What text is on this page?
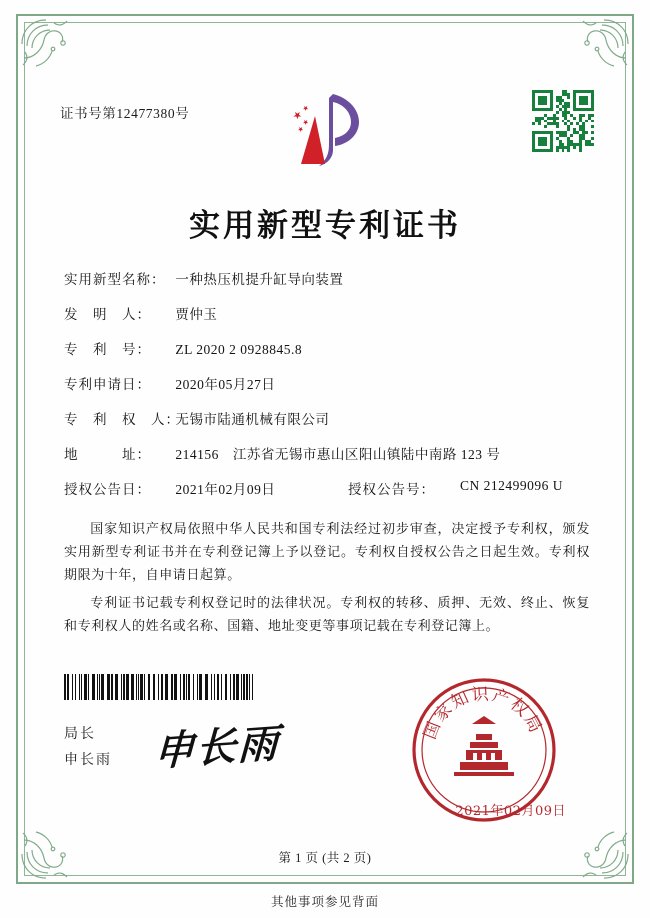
证书号第12477380号
实用新型专利证书
实用新型名称： 一种热压机提升缸导向装置
发　明　人： 贾仲玉
专　利　号： ZL 2020 2 0928845.8
专利申请日： 2020年05月27日
专　利　权　人： 无锡市陆通机械有限公司
地　　　址： 214156　江苏省无锡市惠山区阳山镇陆中南路 123 号
授权公告日： 2021年02月09日	授权公告号： CN 212499096 U
国家知识产权局依照中华人民共和国专利法经过初步审查，决定授予专利权，颁发实用新型专利证书并在专利登记簿上予以登记。专利权自授权公告之日起生效。专利权期限为十年，自申请日起算。
专利证书记载专利权登记时的法律状况。专利权的转移、质押、无效、终止、恢复和专利权人的姓名或名称、国籍、地址变更等事项记载在专利登记簿上。
局长
申长雨 申长雨	国家知识产权局
2021年02月09日
第 1 页 (共 2 页)
其他事项参见背面
